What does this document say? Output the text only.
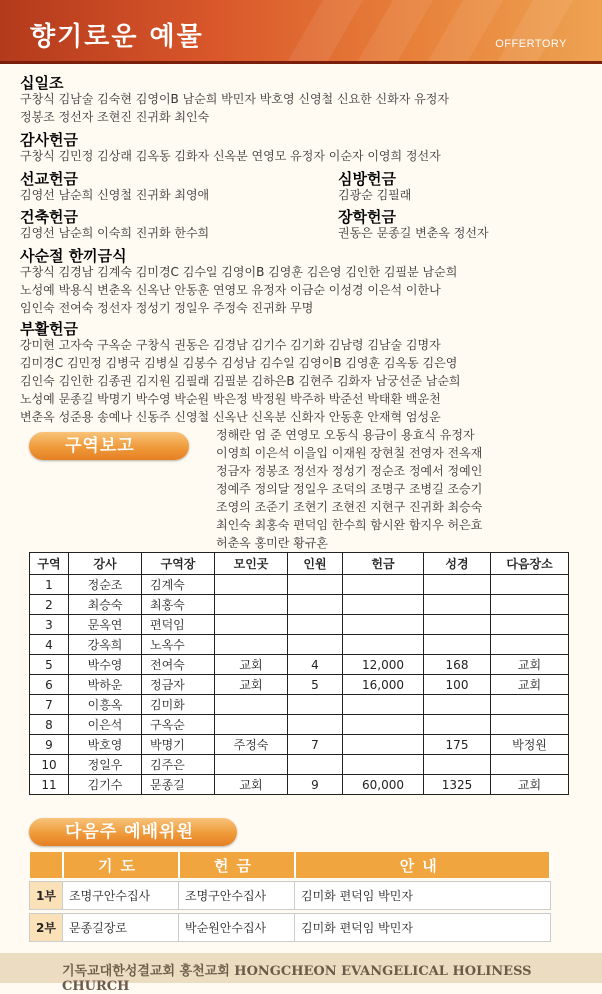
향기로운 예물	OFFERTORY
십일조
구창식 김남술 김숙현 김영이B 남순희 박민자 박호영 신영철 신요한 신화자 유정자
정봉조 정선자 조현진 진귀화 최인숙
감사헌금
구창식 김민정 김상래 김옥동 김화자 신옥분 연영모 유정자 이순자 이영희 정선자
선교헌금
김영선 남순희 신영철 진귀화 최영애
심방헌금
김광순 김필래
건축헌금
김영선 남순희 이숙희 진귀화 한수희
장학헌금
권동은 문종길 변춘옥 정선자
사순절 한끼금식
구창식 김경남 김계숙 김미경C 김수일 김영이B 김영훈 김은영 김인한 김필분 남순희
노성예 박용식 변춘옥 신옥난 안동훈 연영모 유정자 이금순 이성경 이은석 이한나
임인숙 전여숙 정선자 정성기 정일우 주정숙 진귀화 무명
부활헌금
강미현 고자숙 구옥순 구창식 권동은 김경남 김기수 김기화 김남령 김남술 김명자
김미경C 김민정 김병국 김병실 김봉수 김성남 김수일 김영이B 김영훈 김옥동 김은영
김인숙 김인한 김종권 김지원 김필래 김필분 김하은B 김현주 김화자 남궁선준 남순희
노성예 문종길 박명기 박수영 박순원 박은정 박정원 박주하 박준선 박태환 백운천
변춘옥 성준용 송예나 신동주 신영철 신옥난 신옥분 신화자 안동훈 안재혁 엄성운
정해란 엄 준 연영모 오동식 용금이 용효식 유정자
이영희 이은석 이을입 이재원 장현칠 전영자 전옥재
정금자 정봉조 정선자 정성기 정순조 정예서 정예인
정예주 정의달 정일우 조덕의 조명구 조병길 조승기
조영의 조준기 조현기 조현진 지현구 진귀화 최승숙
최인숙 최홍숙 편덕임 한수희 함시완 함지우 허은효
허춘옥 홍미란 황규혼
구역보고
구역	강사	구역장	모인곳	인원	헌금	성경	다음장소
1	정순조	김계숙					
2	최승숙	최홍숙					
3	문옥연	편덕임					
4	강옥희	노옥수					
5	박수영	전여숙	교회	4	12,000	168	교회
6	박하운	정금자	교회	5	16,000	100	교회
7	이흥옥	김미화					
8	이은석	구옥순					
9	박호영	박명기	주정숙	7		175	박정원
10	정일우	김주은					
11	김기수	문종길	교회	9	60,000	1325	교회
다음주 예배위원
	기도	헌금	안내

1부	조명구안수집사	조명구안수집사	김미화 편덕임 박민자

2부	문종길장로	박순원안수집사	김미화 편덕임 박민자
기독교대한성결교회 홍천교회 HONGCHEON EVANGELICAL HOLINESS CHURCH
